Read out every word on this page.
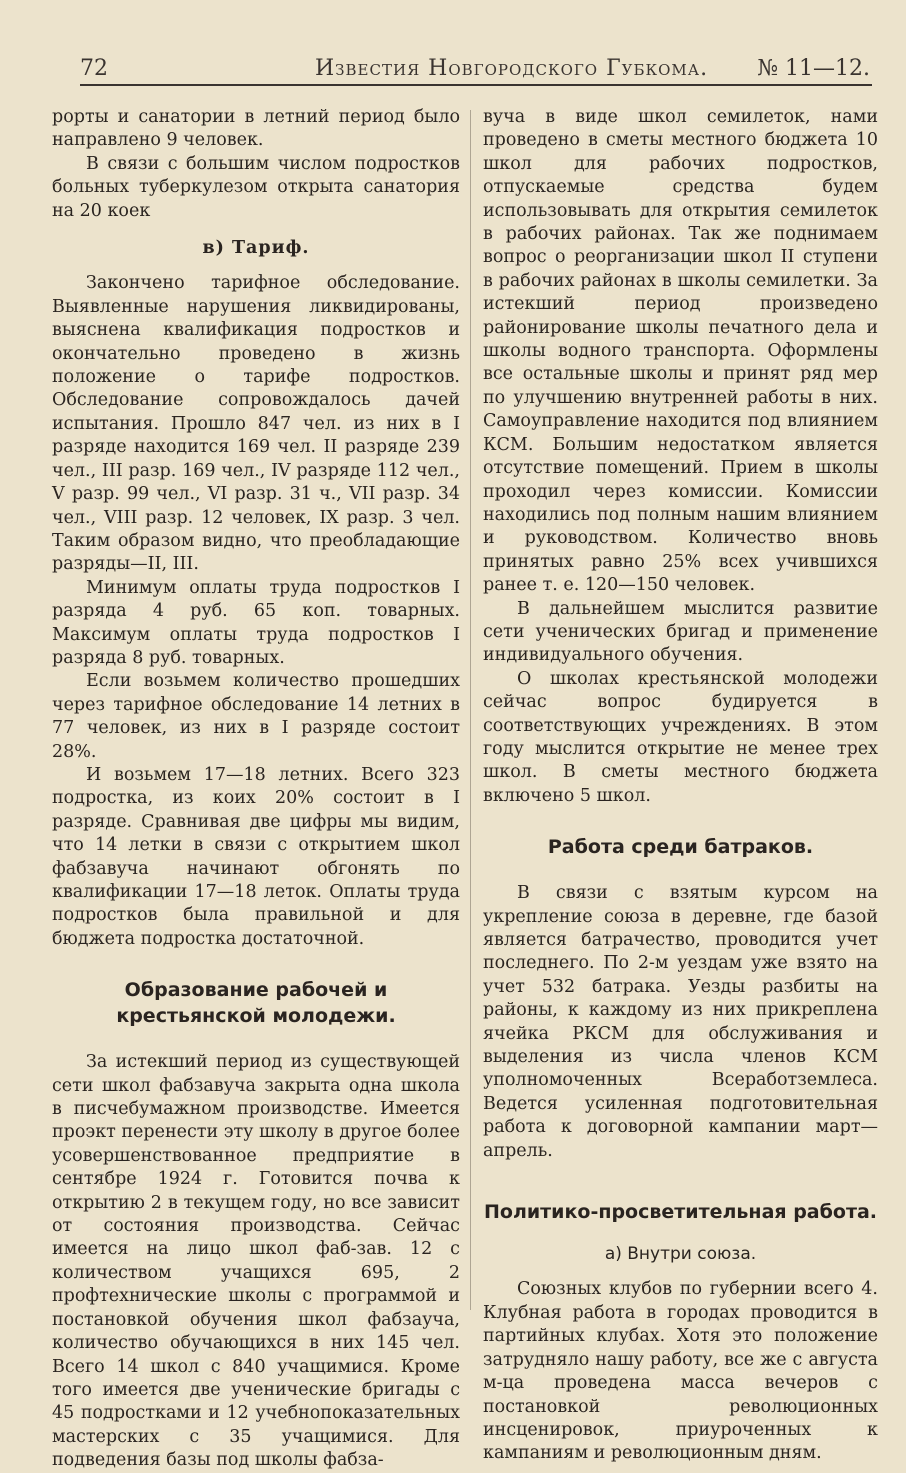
72	Известия Новгородского Губкома. № 11—12.

рорты и санатории в летний период было направлено 9 человек.

В связи с большим числом подростков больных туберкулезом открыта санатория на 20 коек

в) Тариф.

Закончено тарифное обследование. Выявленные нарушения ликвидированы, выяснена квалификация подростков и окончательно проведено в жизнь положение о тарифе подростков. Обследование сопровождалось дачей испытания. Прошло 847 чел. из них в I разряде находится 169 чел. II разряде 239 чел., III разр. 169 чел., IV разряде 112 чел., V разр. 99 чел., VI разр. 31 ч., VII разр. 34 чел., VIII разр. 12 человек, IX разр. 3 чел. Таким образом видно, что преобладающие разряды—II, III.

Минимум оплаты труда подростков I разряда 4 руб. 65 коп. товарных. Максимум оплаты труда подростков I разряда 8 руб. товарных.

Если возьмем количество прошедших через тарифное обследование 14 летних в 77 человек, из них в I разряде состоит 28%.

И возьмем 17—18 летних. Всего 323 подростка, из коих 20% состоит в I разряде. Сравнивая две цифры мы видим, что 14 летки в связи с открытием школ фабзавуча начинают обгонять по квалификации 17—18 леток. Оплаты труда подростков была правильной и для бюджета подростка достаточной.

Образование рабочей и крестьянской молодежи.

За истекший период из существующей сети школ фабзавуча закрыта одна школа в писчебумажном производстве. Имеется проэкт перенести эту школу в другое более усовершенствованное предприятие в сентябре 1924 г. Готовится почва к открытию 2 в текущем году, но все зависит от состояния производства. Сейчас имеется на лицо школ фаб-зав. 12 с количеством учащихся 695, 2 профтехнические школы с программой и постановкой обучения школ фабзауча, количество обучающихся в них 145 чел. Всего 14 школ с 840 учащимися. Кроме того имеется две ученические бригады с 45 подростками и 12 учебнопоказательных мастерских с 35 учащимися. Для подведения базы под школы фабза-

вуча в виде школ семилеток, нами проведено в сметы местного бюджета 10 школ для рабочих подростков, отпускаемые средства будем использовывать для открытия семилеток в рабочих районах. Так же поднимаем вопрос о реорганизации школ II ступени в рабочих районах в школы семилетки. За истекший период произведено районирование школы печатного дела и школы водного транспорта. Оформлены все остальные школы и принят ряд мер по улучшению внутренней работы в них. Самоуправление находится под влиянием КСМ. Большим недостатком является отсутствие помещений. Прием в школы проходил через комиссии. Комиссии находились под полным нашим влиянием и руководством. Количество вновь принятых равно 25% всех учившихся ранее т. е. 120—150 человек.

В дальнейшем мыслится развитие сети ученических бригад и применение индивидуального обучения.

О школах крестьянской молодежи сейчас вопрос будируется в соответствующих учреждениях. В этом году мыслится открытие не менее трех школ. В сметы местного бюджета включено 5 школ.

Работа среди батраков.

В связи с взятым курсом на укрепление союза в деревне, где базой является батрачество, проводится учет последнего. По 2-м уездам уже взято на учет 532 батрака. Уезды разбиты на районы, к каждому из них прикреплена ячейка РКСМ для обслуживания и выделения из числа членов КСМ уполномоченных Всеработземлеса. Ведется усиленная подготовительная работа к договорной кампании март—апрель.

Политико-просветительная работа.
а) Внутри союза.

Союзных клубов по губернии всего 4. Клубная работа в городах проводится в партийных клубах. Хотя это положение затрудняло нашу работу, все же с августа м-ца проведена масса вечеров с постановкой революционных инсценировок, приуроченных к кампаниям и революционным дням.
